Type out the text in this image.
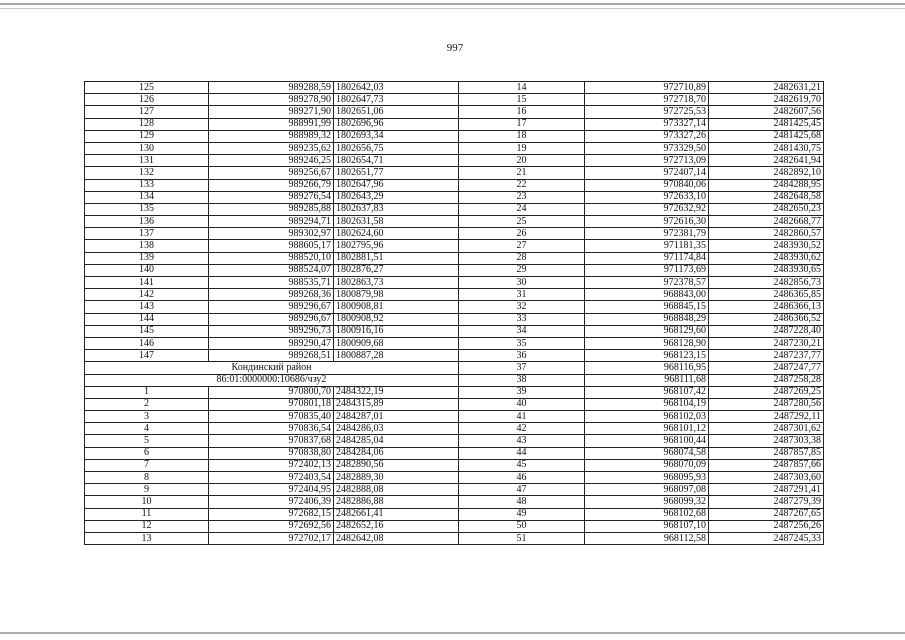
997
125	989288,59	1802642,03	14	972710,89	2482631,21
126	989278,90	1802647,73	15	972718,70	2482619,70
127	989271,90	1802651,06	16	972725,53	2482607,56
128	988991,99	1802696,96	17	973327,14	2481425,45
129	988989,32	1802693,34	18	973327,26	2481425,68
130	989235,62	1802656,75	19	973329,50	2481430,75
131	989246,25	1802654,71	20	972713,09	2482641,94
132	989256,67	1802651,77	21	972407,14	2482892,10
133	989266,79	1802647,96	22	970840,06	2484288,95
134	989276,54	1802643,29	23	972633,10	2482648,58
135	989285,88	1802637,83	24	972632,92	2482650,23
136	989294,71	1802631,58	25	972616,30	2482668,77
137	989302,97	1802624,60	26	972381,79	2482860,57
138	988605,17	1802795,96	27	971181,35	2483930,52
139	988520,10	1802881,51	28	971174,84	2483930,62
140	988524,07	1802876,27	29	971173,69	2483930,65
141	988535,71	1802863,73	30	972378,57	2482856,73
142	989268,36	1800879,98	31	968843,00	2486365,85
143	989296,67	1800908,81	32	968845,15	2486366,13
144	989296,67	1800908,92	33	968848,29	2486366,52
145	989296,73	1800916,16	34	968129,60	2487228,40
146	989290,47	1800909,68	35	968128,90	2487230,21
147	989268,51	1800887,28	36	968123,15	2487237,77
Кондинский район			37	968116,95	2487247,77
86:01:0000000:10686/чзу2			38	968111,68	2487258,28
1	970800,70	2484322,19	39	968107,42	2487269,25
2	970801,18	2484315,89	40	968104,19	2487280,56
3	970835,40	2484287,01	41	968102,03	2487292,11
4	970836,54	2484286,03	42	968101,12	2487301,62
5	970837,68	2484285,04	43	968100,44	2487303,38
6	970838,80	2484284,06	44	968074,58	2487857,85
7	972402,13	2482890,56	45	968070,09	2487857,66
8	972403,54	2482889,30	46	968095,93	2487303,60
9	972404,95	2482888,08	47	968097,08	2487291,41
10	972406,39	2482886,88	48	968099,32	2487279,39
11	972682,15	2482661,41	49	968102,68	2487267,65
12	972692,56	2482652,16	50	968107,10	2487256,26
13	972702,17	2482642,08	51	968112,58	2487245,33
